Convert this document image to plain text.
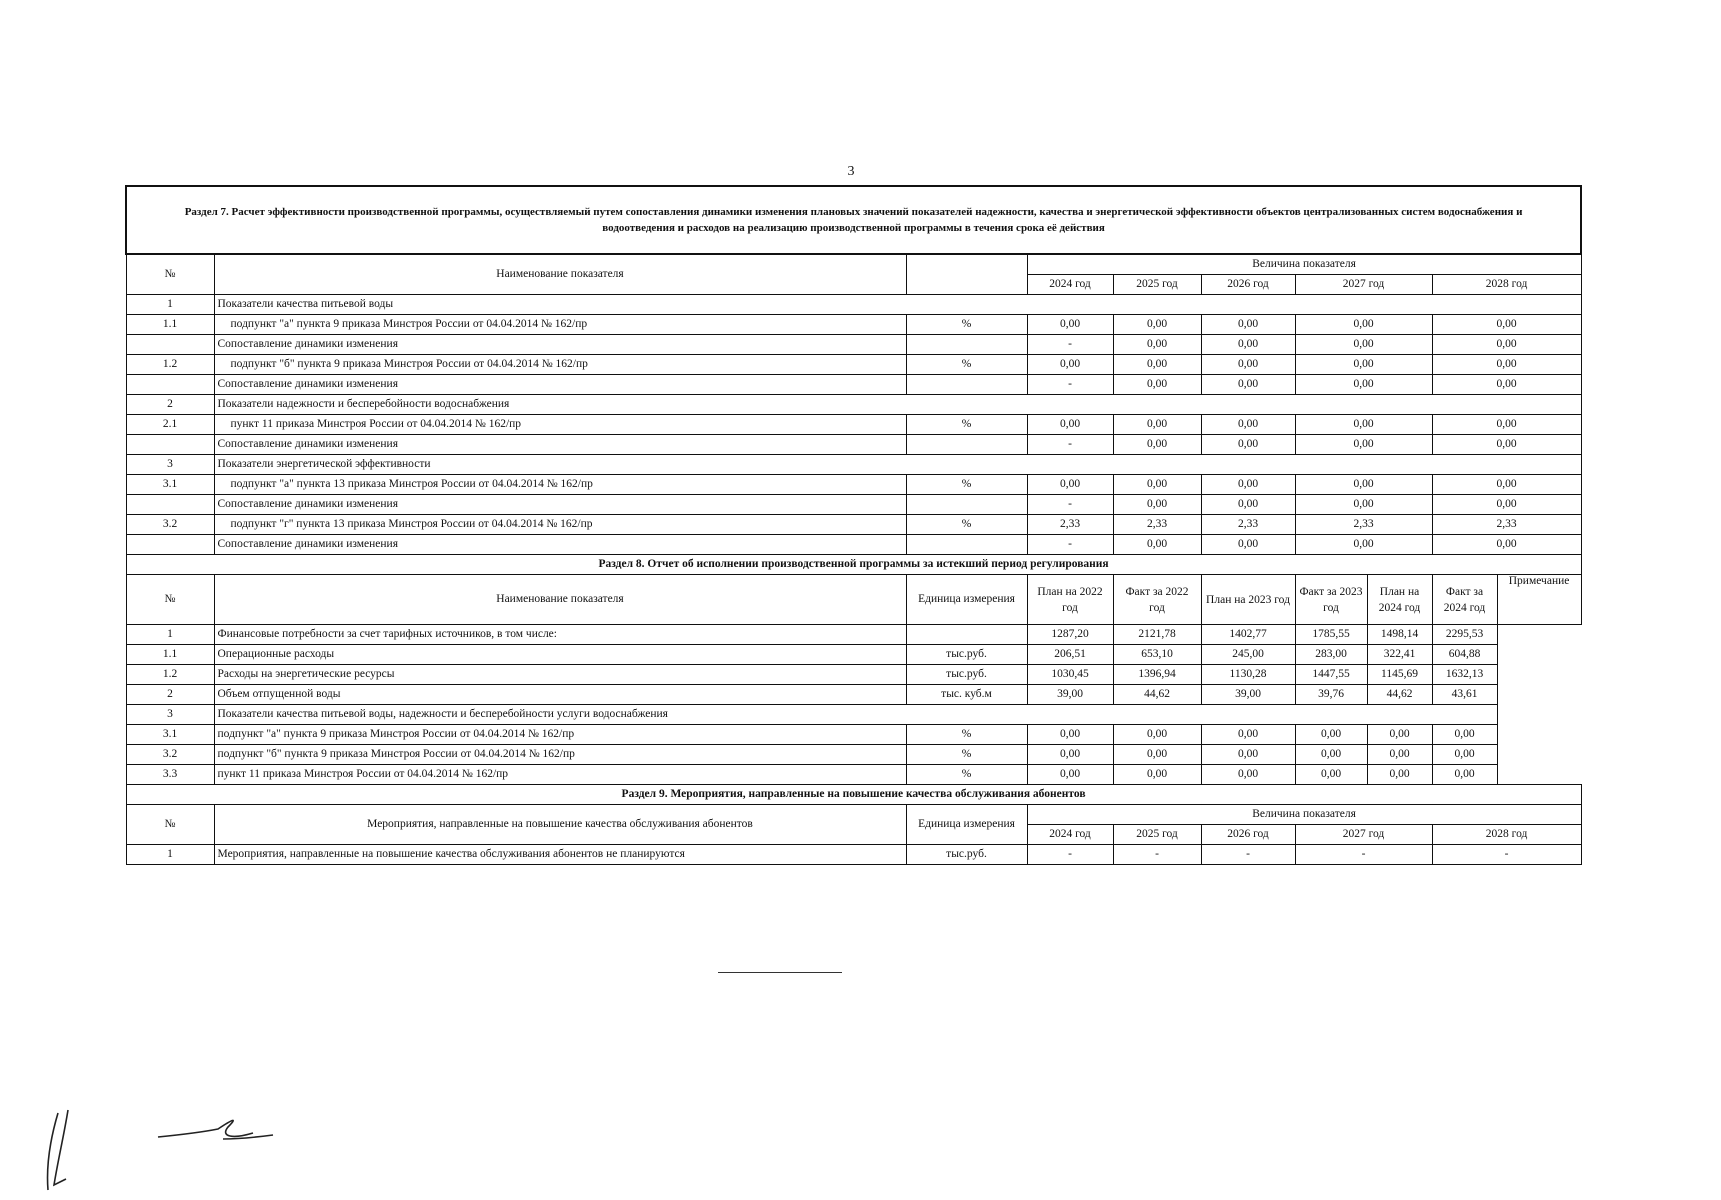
3
Раздел 7. Расчет эффективности производственной программы, осуществляемый путем сопоставления динамики изменения плановых значений показателей надежности, качества и энергетической эффективности объектов централизованных систем водоснабжения и водоотведения и расходов на реализацию производственной программы в течения срока её действия									
№	Наименование показателя		Величина показателя						
			2024 год	2025 год	2026 год	2027 год		2028 год	
1	Показатели качества питьевой воды								
1.1	подпункт "а" пункта 9 приказа Минстроя России от 04.04.2014 № 162/пр	%	0,00	0,00	0,00	0,00		0,00	
	Сопоставление динамики изменения		-	0,00	0,00	0,00		0,00	
1.2	подпункт "б" пункта 9 приказа Минстроя России от 04.04.2014 № 162/пр	%	0,00	0,00	0,00	0,00		0,00	
	Сопоставление динамики изменения		-	0,00	0,00	0,00		0,00	
2	Показатели надежности и бесперебойности водоснабжения								
2.1	пункт 11 приказа Минстроя России от 04.04.2014 № 162/пр	%	0,00	0,00	0,00	0,00		0,00	
	Сопоставление динамики изменения		-	0,00	0,00	0,00		0,00	
3	Показатели энергетической эффективности								
3.1	подпункт "а" пункта 13 приказа Минстроя России от 04.04.2014 № 162/пр	%	0,00	0,00	0,00	0,00		0,00	
	Сопоставление динамики изменения		-	0,00	0,00	0,00		0,00	
3.2	подпункт "г" пункта 13 приказа Минстроя России от 04.04.2014 № 162/пр	%	2,33	2,33	2,33	2,33		2,33	
	Сопоставление динамики изменения		-	0,00	0,00	0,00		0,00	
Раздел 8. Отчет об исполнении производственной программы за истекший период регулирования									
№	Наименование показателя	Единица измерения	План на 2022 год	Факт за 2022 год	План на 2023 год	Факт за 2023 год	План на 2024 год	Факт за 2024 год	Примечание
1	Финансовые потребности за счет тарифных источников, в том числе:		1287,20	2121,78	1402,77	1785,55	1498,14	2295,53	
1.1	Операционные расходы	тыс.руб.	206,51	653,10	245,00	283,00	322,41	604,88	
1.2	Расходы на энергетические ресурсы	тыс.руб.	1030,45	1396,94	1130,28	1447,55	1145,69	1632,13	
2	Объем отпущенной воды	тыс. куб.м	39,00	44,62	39,00	39,76	44,62	43,61	
3	Показатели качества питьевой воды, надежности и бесперебойности услуги водоснабжения								
3.1	подпункт "а" пункта 9 приказа Минстроя России от 04.04.2014 № 162/пр	%	0,00	0,00	0,00	0,00	0,00	0,00	
3.2	подпункт "б" пункта 9 приказа Минстроя России от 04.04.2014 № 162/пр	%	0,00	0,00	0,00	0,00	0,00	0,00	
3.3	пункт 11 приказа Минстроя России от 04.04.2014 № 162/пр	%	0,00	0,00	0,00	0,00	0,00	0,00	
Раздел 9. Мероприятия, направленные на повышение качества обслуживания абонентов									
№	Мероприятия, направленные на повышение качества обслуживания абонентов	Единица измерения	Величина показателя						
			2024 год	2025 год	2026 год	2027 год		2028 год	
1	Мероприятия, направленные на повышение качества обслуживания абонентов не планируются	тыс.руб.	-	-	-	-		-	
